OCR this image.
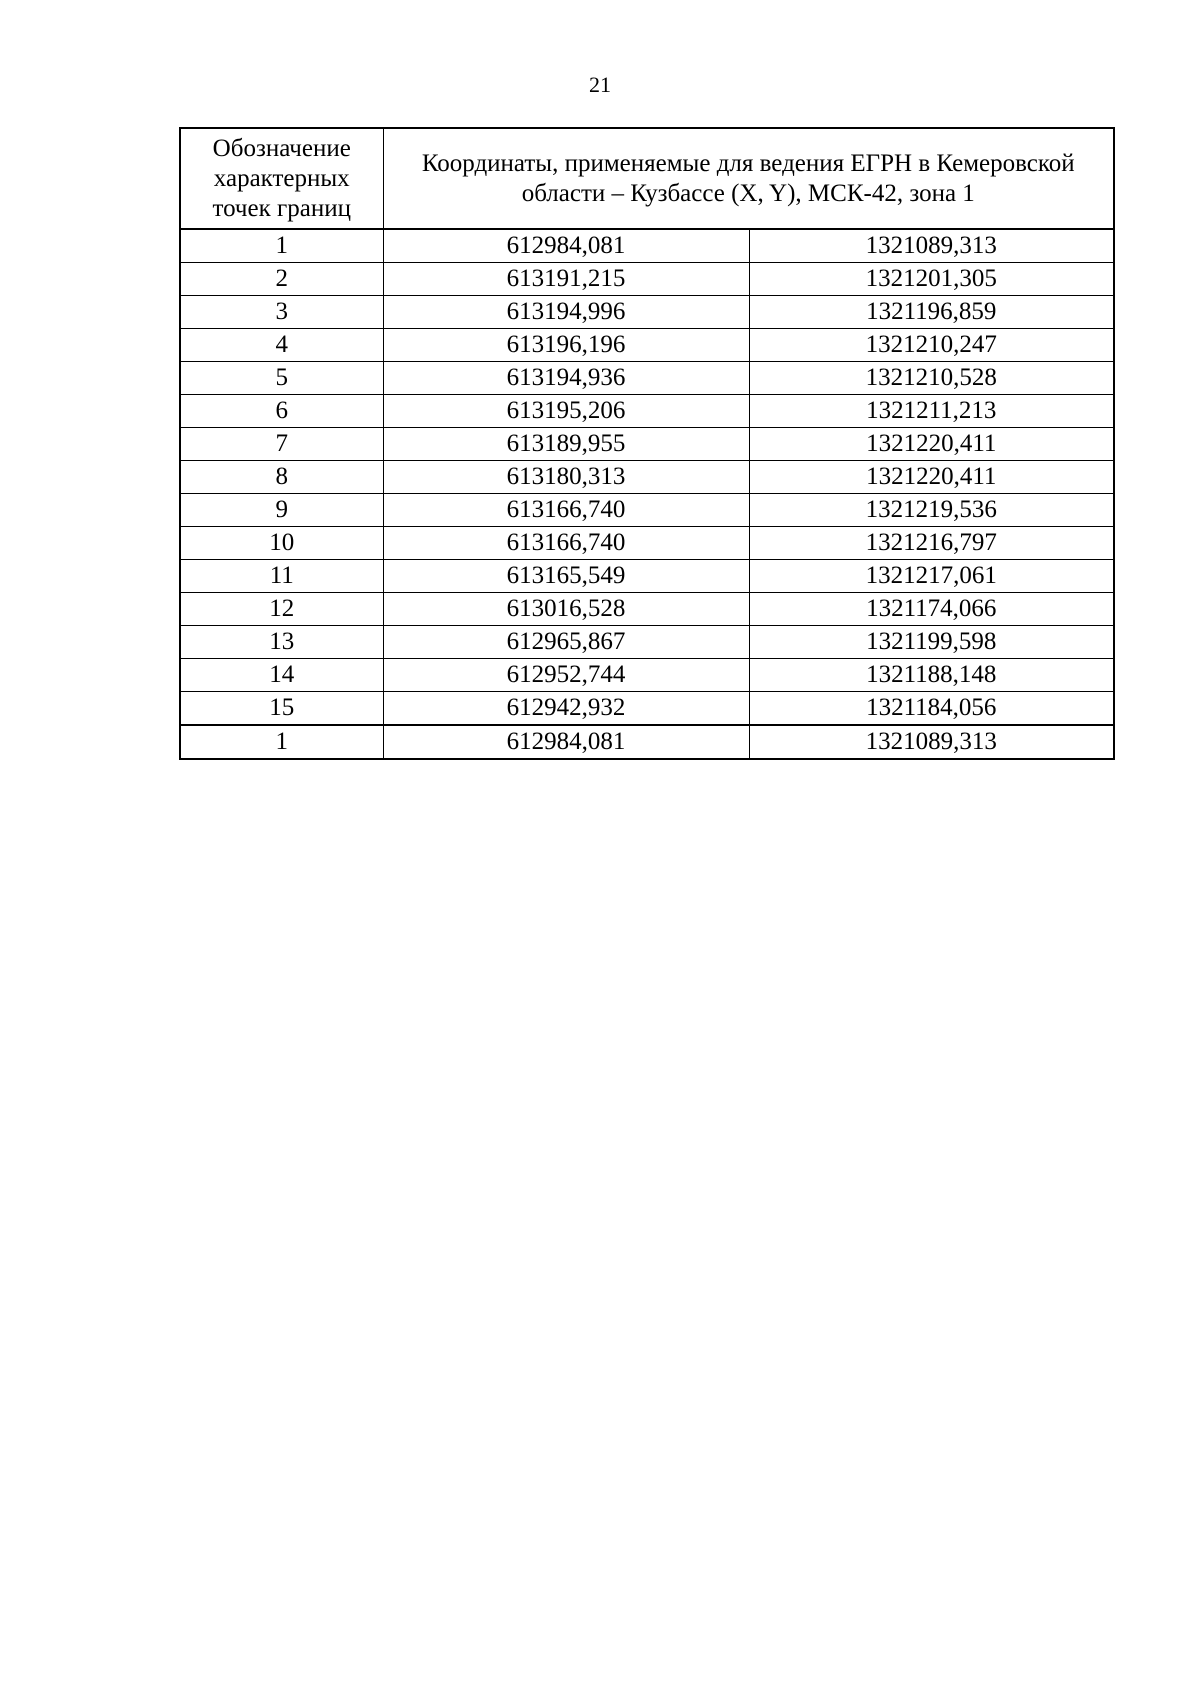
21
Обозначение характерных точек границ	Координаты, применяемые для ведения ЕГРН в Кемеровской области – Кузбассе (X, Y), МСК-42, зона 1	
1	612984,081	1321089,313
2	613191,215	1321201,305
3	613194,996	1321196,859
4	613196,196	1321210,247
5	613194,936	1321210,528
6	613195,206	1321211,213
7	613189,955	1321220,411
8	613180,313	1321220,411
9	613166,740	1321219,536
10	613166,740	1321216,797
11	613165,549	1321217,061
12	613016,528	1321174,066
13	612965,867	1321199,598
14	612952,744	1321188,148
15	612942,932	1321184,056
1	612984,081	1321089,313
